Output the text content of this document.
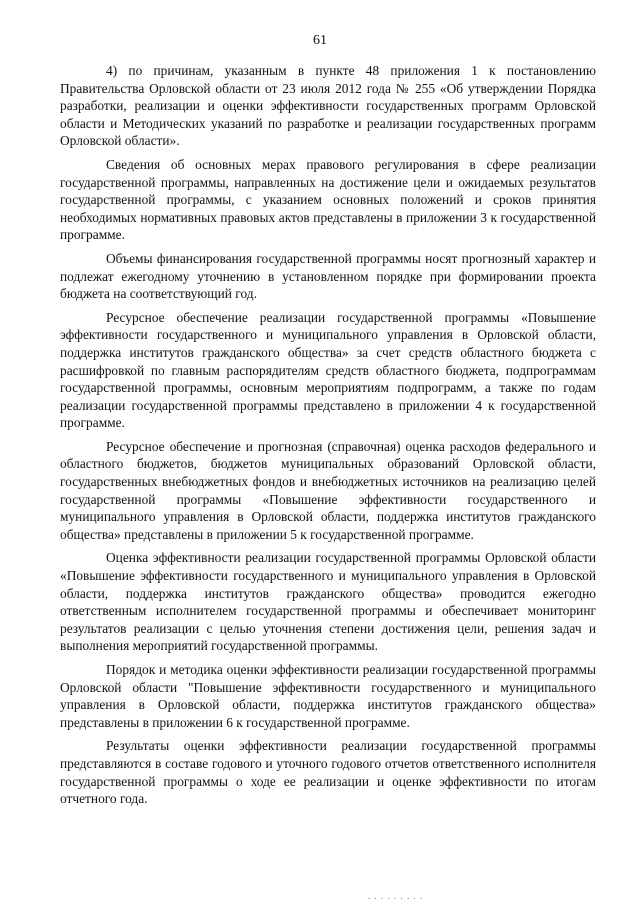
61

4) по причинам, указанным в пункте 48 приложения 1 к постановлению Правительства Орловской области от 23 июля 2012 года № 255 «Об утверждении Порядка разработки, реализации и оценки эффективности государственных программ Орловской области и Методических указаний по разработке и реализации государственных программ Орловской области».

Сведения об основных мерах правового регулирования в сфере реализации государственной программы, направленных на достижение цели и ожидаемых результатов государственной программы, с указанием основных положений и сроков принятия необходимых нормативных правовых актов представлены в приложении 3 к государственной программе.

Объемы финансирования государственной программы носят прогнозный характер и подлежат ежегодному уточнению в установленном порядке при формировании проекта бюджета на соответствующий год.

Ресурсное обеспечение реализации государственной программы «Повышение эффективности государственного и муниципального управления в Орловской области, поддержка институтов гражданского общества» за счет средств областного бюджета с расшифровкой по главным распорядителям средств областного бюджета, подпрограммам государственной программы, основным мероприятиям подпрограмм, а также по годам реализации государственной программы представлено в приложении 4 к государственной программе.

Ресурсное обеспечение и прогнозная (справочная) оценка расходов федерального и областного бюджетов, бюджетов муниципальных образований Орловской области, государственных внебюджетных фондов и внебюджетных источников на реализацию целей государственной программы «Повышение эффективности государственного и муниципального управления в Орловской области, поддержка институтов гражданского общества» представлены в приложении 5 к государственной программе.

Оценка эффективности реализации государственной программы Орловской области «Повышение эффективности государственного и муниципального управления в Орловской области, поддержка институтов гражданского общества» проводится ежегодно ответственным исполнителем государственной программы и обеспечивает мониторинг результатов реализации с целью уточнения степени достижения цели, решения задач и выполнения мероприятий государственной программы.

Порядок и методика оценки эффективности реализации государственной программы Орловской области "Повышение эффективности государственного и муниципального управления в Орловской области, поддержка институтов гражданского общества» представлены в приложении 6 к государственной программе.

Результаты оценки эффективности реализации государственной программы представляются в составе годового и уточного годового отчетов ответственного исполнителя государственной программы о ходе ее реализации и оценке эффективности по итогам отчетного года.

. . . . . . . . .
